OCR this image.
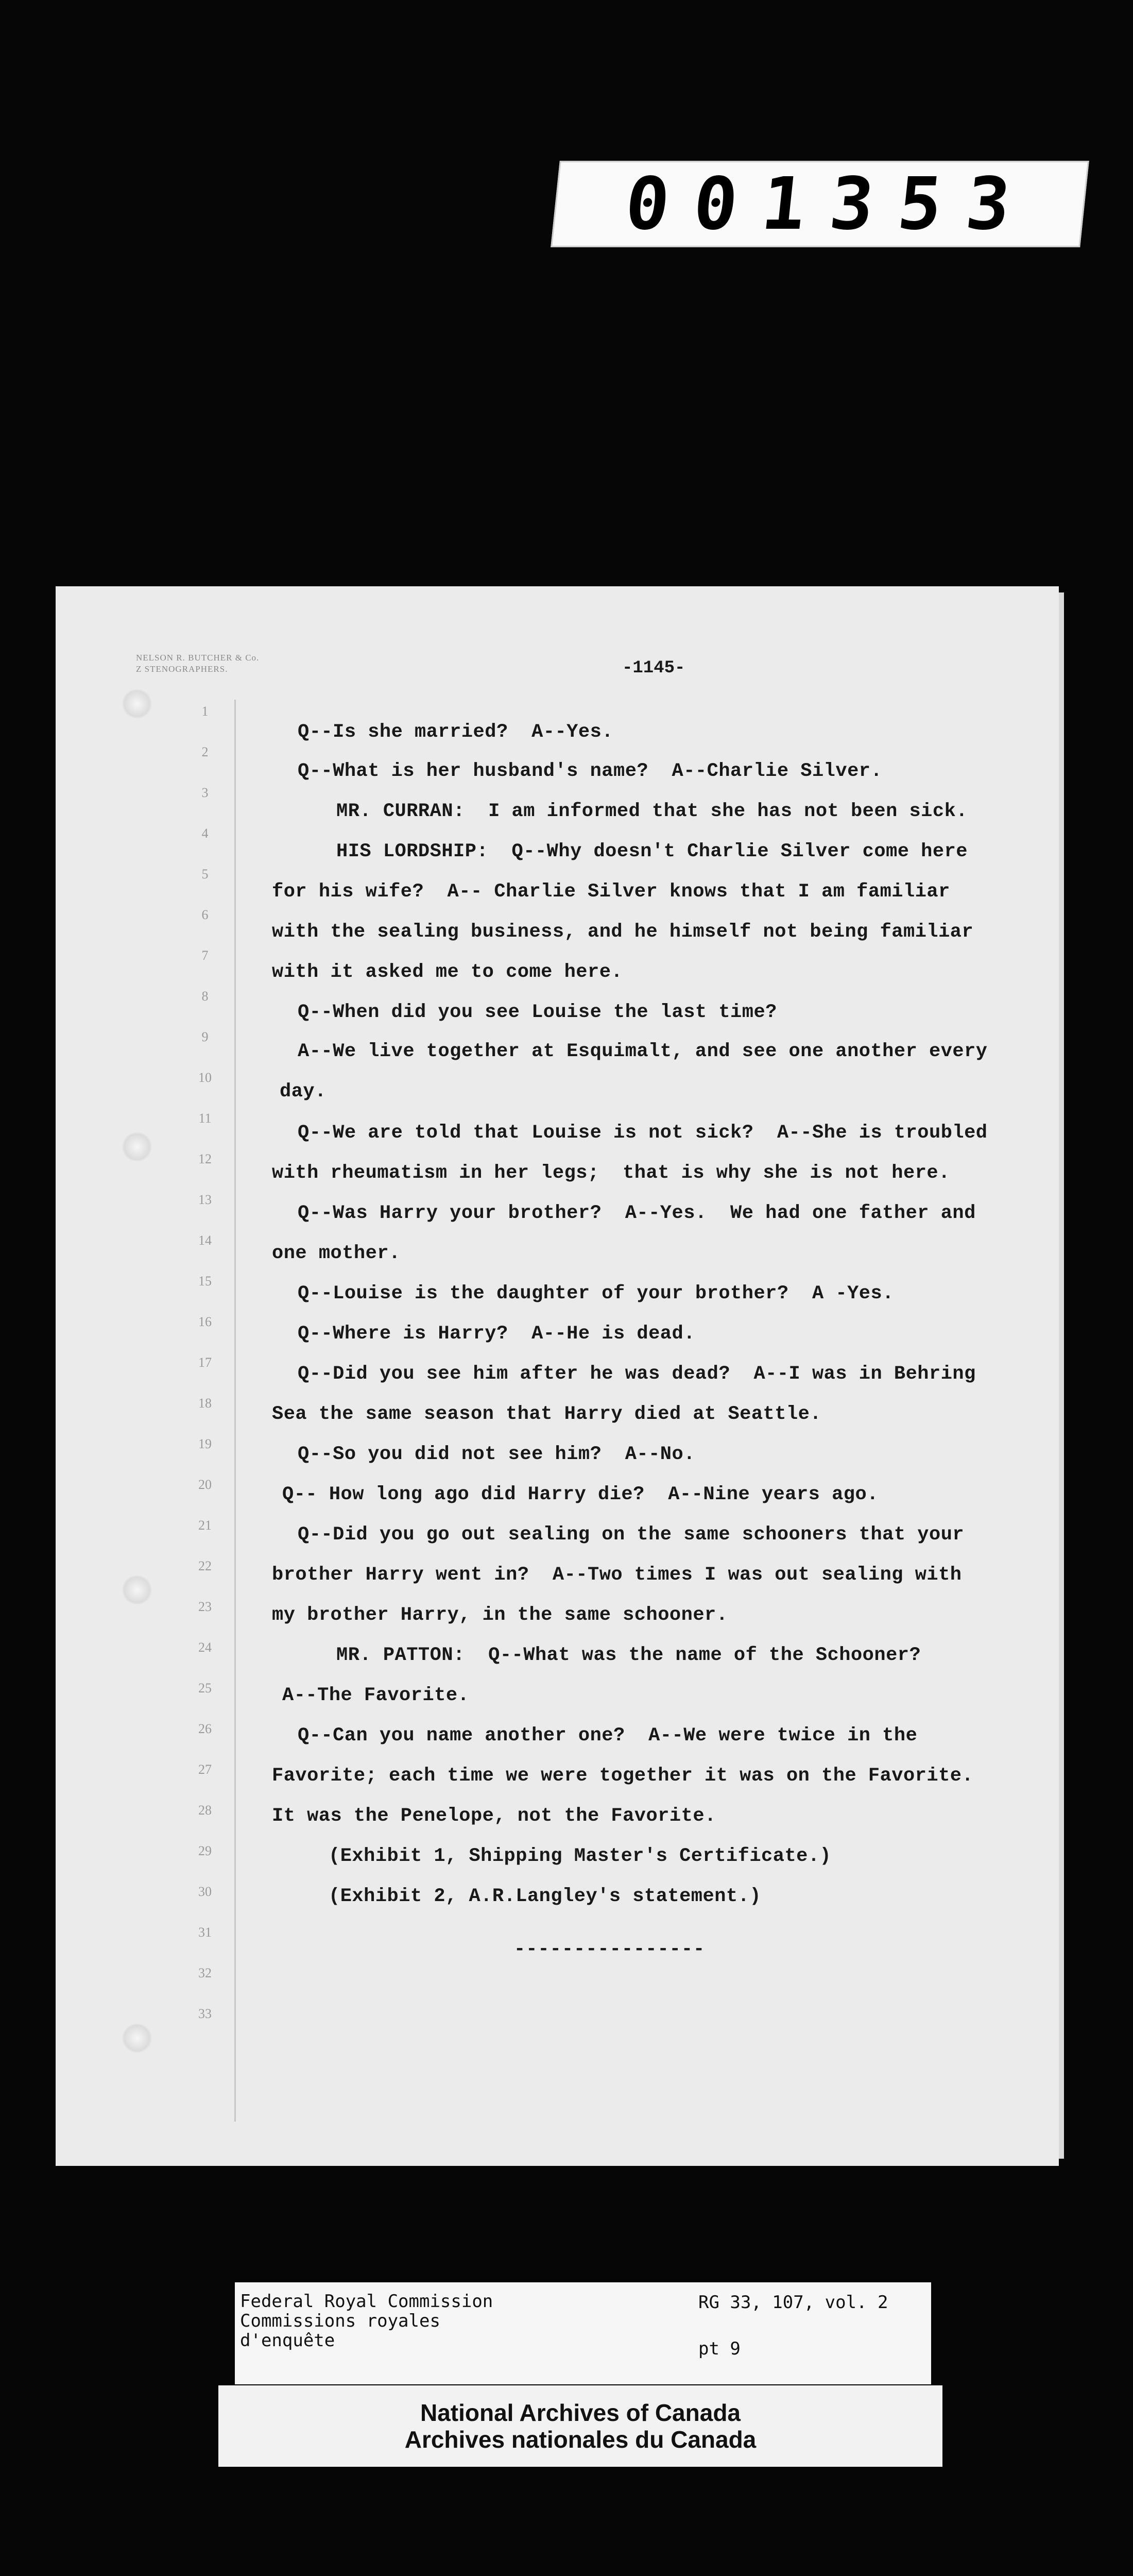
001353
NELSON R. BUTCHER & Co.
Z STENOGRAPHERS.	-1145-
1
2
3
4
5
6
7
8
9
10
11
12
13
14
15
16
17
18
19
20
21
22
23
24
25
26
27
28
29
30
31
32
33
Q--Is she married?  A--Yes.
Q--What is her husband's name?  A--Charlie Silver.
MR. CURRAN:  I am informed that she has not been sick.
HIS LORDSHIP:  Q--Why doesn't Charlie Silver come here
for his wife?  A-- Charlie Silver knows that I am familiar
with the sealing business, and he himself not being familiar
with it asked me to come here.
Q--When did you see Louise the last time?
A--We live together at Esquimalt, and see one another every
day.
Q--We are told that Louise is not sick?  A--She is troubled
with rheumatism in her legs;  that is why she is not here.
Q--Was Harry your brother?  A--Yes.  We had one father and
one mother.
Q--Louise is the daughter of your brother?  A -Yes.
Q--Where is Harry?  A--He is dead.
Q--Did you see him after he was dead?  A--I was in Behring
Sea the same season that Harry died at Seattle.
Q--So you did not see him?  A--No.
Q-- How long ago did Harry die?  A--Nine years ago.
Q--Did you go out sealing on the same schooners that your
brother Harry went in?  A--Two times I was out sealing with
my brother Harry, in the same schooner.
MR. PATTON:  Q--What was the name of the Schooner?
A--The Favorite.
Q--Can you name another one?  A--We were twice in the
Favorite; each time we were together it was on the Favorite.
It was the Penelope, not the Favorite.
(Exhibit 1, Shipping Master's Certificate.)
(Exhibit 2, A.R.Langley's statement.)
----------------
Federal Royal Commission
Commissions royales
d'enquête
RG 33, 107, vol. 2
pt 9
National Archives of Canada
Archives nationales du Canada
